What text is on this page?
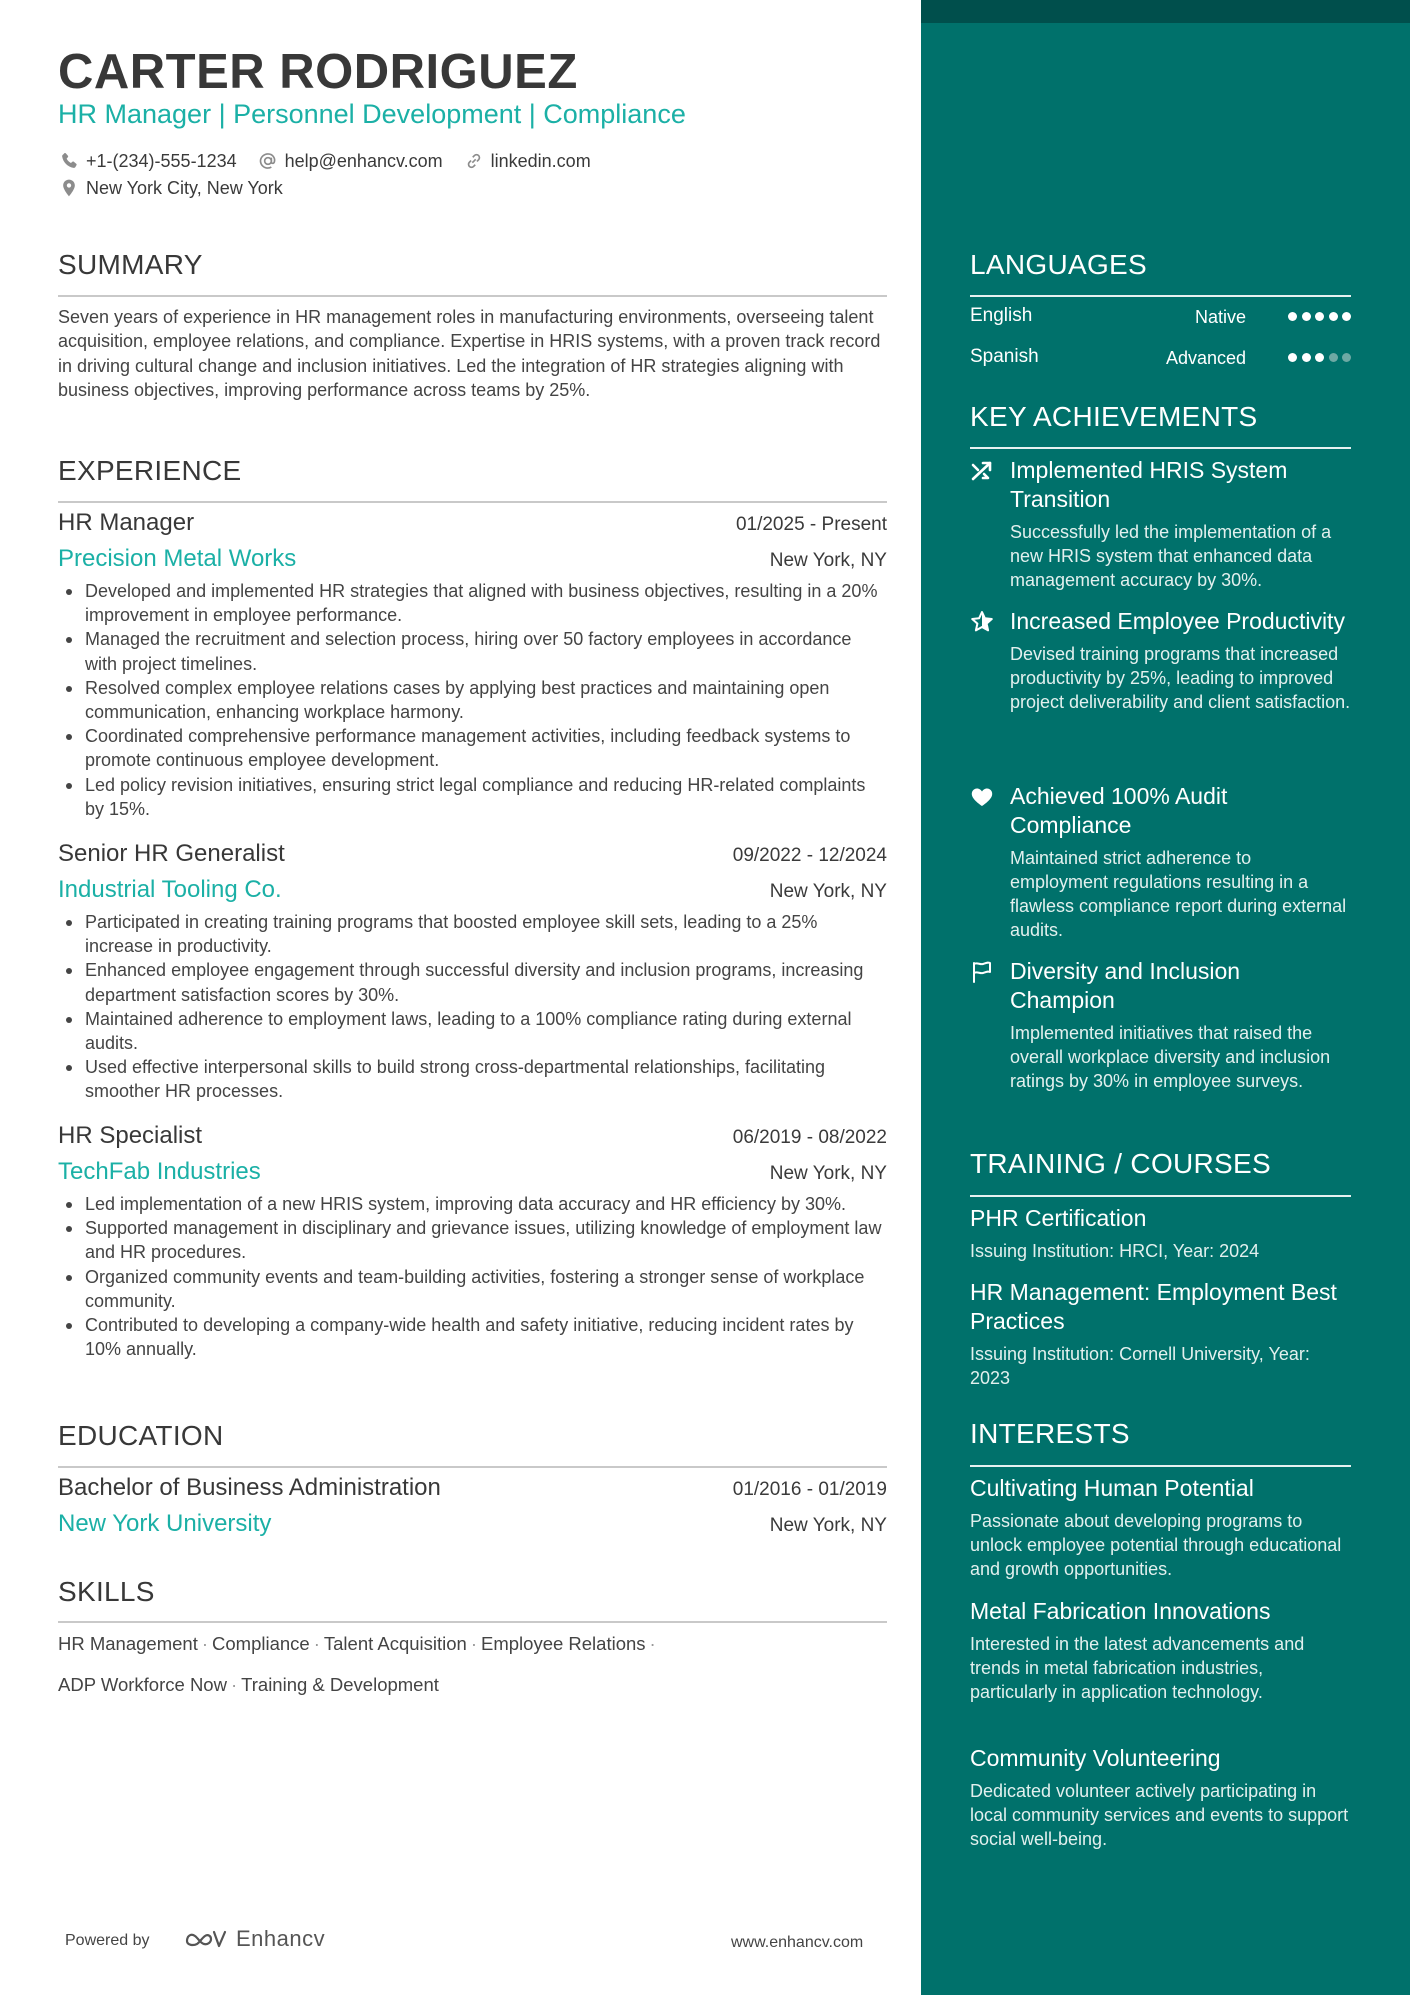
CARTER RODRIGUEZ
HR Manager | Personnel Development | Compliance
+1-(234)-555-1234	help@enhancv.com	linkedin.com
New York City, New York
SUMMARY
Seven years of experience in HR management roles in manufacturing environments, overseeing talent acquisition, employee relations, and compliance. Expertise in HRIS systems, with a proven track record in driving cultural change and inclusion initiatives. Led the integration of HR strategies aligning with business objectives, improving performance across teams by 25%.
EXPERIENCE
HR Manager	01/2025 - Present
Precision Metal Works	New York, NY
Developed and implemented HR strategies that aligned with business objectives, resulting in a 20% improvement in employee performance.
Managed the recruitment and selection process, hiring over 50 factory employees in accordance with project timelines.
Resolved complex employee relations cases by applying best practices and maintaining open communication, enhancing workplace harmony.
Coordinated comprehensive performance management activities, including feedback systems to promote continuous employee development.
Led policy revision initiatives, ensuring strict legal compliance and reducing HR-related complaints by 15%.
Senior HR Generalist	09/2022 - 12/2024
Industrial Tooling Co.	New York, NY
Participated in creating training programs that boosted employee skill sets, leading to a 25% increase in productivity.
Enhanced employee engagement through successful diversity and inclusion programs, increasing department satisfaction scores by 30%.
Maintained adherence to employment laws, leading to a 100% compliance rating during external audits.
Used effective interpersonal skills to build strong cross-departmental relationships, facilitating smoother HR processes.
HR Specialist	06/2019 - 08/2022
TechFab Industries	New York, NY
Led implementation of a new HRIS system, improving data accuracy and HR efficiency by 30%.
Supported management in disciplinary and grievance issues, utilizing knowledge of employment law and HR procedures.
Organized community events and team-building activities, fostering a stronger sense of workplace community.
Contributed to developing a company-wide health and safety initiative, reducing incident rates by 10% annually.
EDUCATION
Bachelor of Business Administration	01/2016 - 01/2019
New York University	New York, NY
SKILLS
HR Management · Compliance · Talent Acquisition · Employee Relations ·
ADP Workforce Now · Training & Development
Powered by	Enhancv	www.enhancv.com
LANGUAGES
English	Native
Spanish	Advanced
KEY ACHIEVEMENTS
Implemented HRIS System Transition
Successfully led the implementation of a new HRIS system that enhanced data management accuracy by 30%.
Increased Employee Productivity
Devised training programs that increased productivity by 25%, leading to improved project deliverability and client satisfaction.
Achieved 100% Audit Compliance
Maintained strict adherence to employment regulations resulting in a flawless compliance report during external audits.
Diversity and Inclusion Champion
Implemented initiatives that raised the overall workplace diversity and inclusion ratings by 30% in employee surveys.
TRAINING / COURSES
PHR Certification
Issuing Institution: HRCI, Year: 2024
HR Management: Employment Best Practices
Issuing Institution: Cornell University, Year: 2023
INTERESTS
Cultivating Human Potential
Passionate about developing programs to unlock employee potential through educational and growth opportunities.
Metal Fabrication Innovations
Interested in the latest advancements and trends in metal fabrication industries, particularly in application technology.
Community Volunteering
Dedicated volunteer actively participating in local community services and events to support social well-being.
